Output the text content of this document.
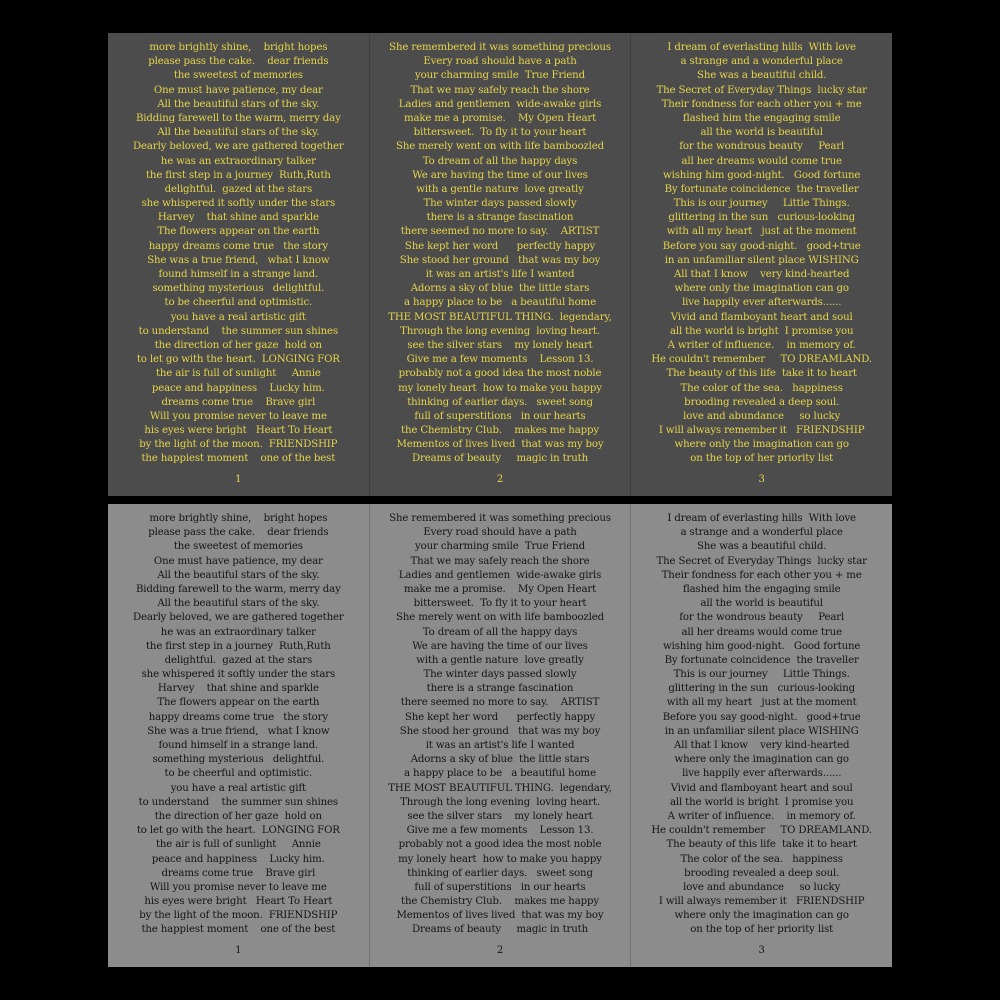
more brightly shine,    bright hopes
please pass the cake.    dear friends
the sweetest of memories
One must have patience, my dear
All the beautiful stars of the sky.
Bidding farewell to the warm, merry day
All the beautiful stars of the sky.
Dearly beloved, we are gathered together
he was an extraordinary talker
the first step in a journey  Ruth,Ruth
delightful.  gazed at the stars
she whispered it softly under the stars
Harvey    that shine and sparkle
The flowers appear on the earth
happy dreams come true   the story
She was a true friend,   what I know
found himself in a strange land.
something mysterious   delightful.
to be cheerful and optimistic.
you have a real artistic gift
to understand    the summer sun shines
the direction of her gaze  hold on
to let go with the heart.  LONGING FOR
the air is full of sunlight     Annie
peace and happiness    Lucky him.
dreams come true    Brave girl
Will you promise never to leave me
his eyes were bright   Heart To Heart
by the light of the moon.  FRIENDSHIP
the happiest moment    one of the best
1
She remembered it was something precious
Every road should have a path
your charming smile  True Friend
That we may safely reach the shore
Ladies and gentlemen  wide-awake girls
make me a promise.    My Open Heart
bittersweet.  To fly it to your heart
She merely went on with life bamboozled
To dream of all the happy days
We are having the time of our lives
with a gentle nature  love greatly
The winter days passed slowly
there is a strange fascination
there seemed no more to say.    ARTIST
She kept her word      perfectly happy
She stood her ground   that was my boy
it was an artist's life I wanted
Adorns a sky of blue  the little stars
a happy place to be   a beautiful home
THE MOST BEAUTIFUL THING.  legendary,
Through the long evening  loving heart.
see the silver stars    my lonely heart
Give me a few moments    Lesson 13.
probably not a good idea the most noble
my lonely heart  how to make you happy
thinking of earlier days.   sweet song
full of superstitions   in our hearts
the Chemistry Club.    makes me happy
Mementos of lives lived  that was my boy
Dreams of beauty     magic in truth
2
I dream of everlasting hills  With love
a strange and a wonderful place
She was a beautiful child.
The Secret of Everyday Things  lucky star
Their fondness for each other you + me
flashed him the engaging smile
all the world is beautiful
for the wondrous beauty     Pearl
all her dreams would come true
wishing him good-night.   Good fortune
By fortunate coincidence  the traveller
This is our journey     Little Things.
glittering in the sun   curious-looking
with all my heart   just at the moment
Before you say good-night.   good+true
in an unfamiliar silent place WISHING
All that I know    very kind-hearted
where only the imagination can go
live happily ever afterwards......
Vivid and flamboyant heart and soul
all the world is bright  I promise you
A writer of influence.    in memory of.
He couldn't remember     TO DREAMLAND.
The beauty of this life  take it to heart
The color of the sea.   happiness
brooding revealed a deep soul.
love and abundance     so lucky
I will always remember it   FRIENDSHIP
where only the imagination can go
on the top of her priority list
3
more brightly shine,    bright hopes
please pass the cake.    dear friends
the sweetest of memories
One must have patience, my dear
All the beautiful stars of the sky.
Bidding farewell to the warm, merry day
All the beautiful stars of the sky.
Dearly beloved, we are gathered together
he was an extraordinary talker
the first step in a journey  Ruth,Ruth
delightful.  gazed at the stars
she whispered it softly under the stars
Harvey    that shine and sparkle
The flowers appear on the earth
happy dreams come true   the story
She was a true friend,   what I know
found himself in a strange land.
something mysterious   delightful.
to be cheerful and optimistic.
you have a real artistic gift
to understand    the summer sun shines
the direction of her gaze  hold on
to let go with the heart.  LONGING FOR
the air is full of sunlight     Annie
peace and happiness    Lucky him.
dreams come true    Brave girl
Will you promise never to leave me
his eyes were bright   Heart To Heart
by the light of the moon.  FRIENDSHIP
the happiest moment    one of the best
1
She remembered it was something precious
Every road should have a path
your charming smile  True Friend
That we may safely reach the shore
Ladies and gentlemen  wide-awake girls
make me a promise.    My Open Heart
bittersweet.  To fly it to your heart
She merely went on with life bamboozled
To dream of all the happy days
We are having the time of our lives
with a gentle nature  love greatly
The winter days passed slowly
there is a strange fascination
there seemed no more to say.    ARTIST
She kept her word      perfectly happy
She stood her ground   that was my boy
it was an artist's life I wanted
Adorns a sky of blue  the little stars
a happy place to be   a beautiful home
THE MOST BEAUTIFUL THING.  legendary,
Through the long evening  loving heart.
see the silver stars    my lonely heart
Give me a few moments    Lesson 13.
probably not a good idea the most noble
my lonely heart  how to make you happy
thinking of earlier days.   sweet song
full of superstitions   in our hearts
the Chemistry Club.    makes me happy
Mementos of lives lived  that was my boy
Dreams of beauty     magic in truth
2
I dream of everlasting hills  With love
a strange and a wonderful place
She was a beautiful child.
The Secret of Everyday Things  lucky star
Their fondness for each other you + me
flashed him the engaging smile
all the world is beautiful
for the wondrous beauty     Pearl
all her dreams would come true
wishing him good-night.   Good fortune
By fortunate coincidence  the traveller
This is our journey     Little Things.
glittering in the sun   curious-looking
with all my heart   just at the moment
Before you say good-night.   good+true
in an unfamiliar silent place WISHING
All that I know    very kind-hearted
where only the imagination can go
live happily ever afterwards......
Vivid and flamboyant heart and soul
all the world is bright  I promise you
A writer of influence.    in memory of.
He couldn't remember     TO DREAMLAND.
The beauty of this life  take it to heart
The color of the sea.   happiness
brooding revealed a deep soul.
love and abundance     so lucky
I will always remember it   FRIENDSHIP
where only the imagination can go
on the top of her priority list
3
